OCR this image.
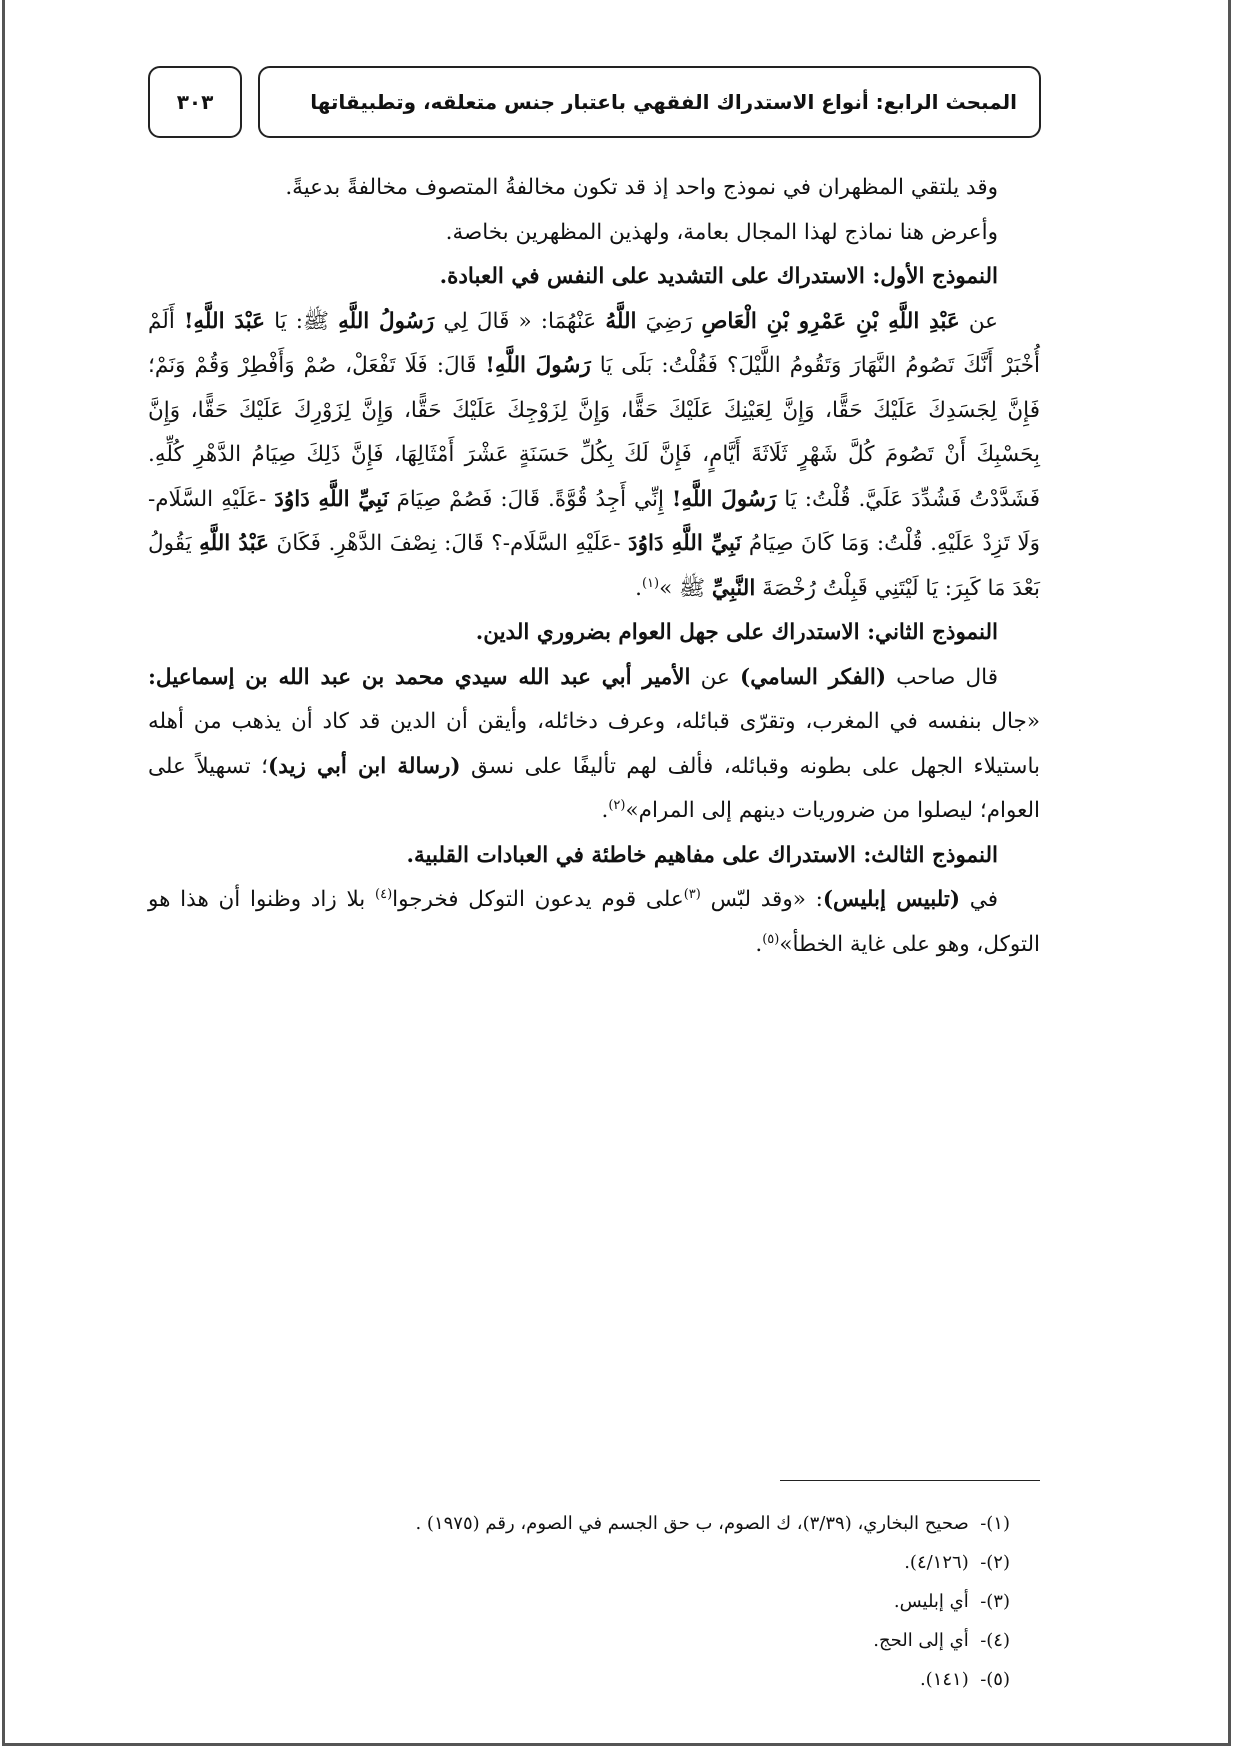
المبحث الرابع: أنواع الاستدراك الفقهي باعتبار جنس متعلقه، وتطبيقاتها
٣٠٣

وقد يلتقي المظهران في نموذج واحد إذ قد تكون مخالفةُ المتصوف مخالفةً بدعيةً.

وأعرض هنا نماذج لهذا المجال بعامة، ولهذين المظهرين بخاصة.

النموذج الأول: الاستدراك على التشديد على النفس في العبادة.

عن عَبْدِ اللَّهِ بْنِ عَمْرِو بْنِ الْعَاصِ رَضِيَ اللَّهُ عَنْهُمَا: « قَالَ لِي رَسُولُ اللَّهِ ﷺ: يَا عَبْدَ اللَّهِ! أَلَمْ أُخْبَرْ أَنَّكَ تَصُومُ النَّهَارَ وَتَقُومُ اللَّيْلَ؟ فَقُلْتُ: بَلَى يَا رَسُولَ اللَّهِ! قَالَ: فَلَا تَفْعَلْ، صُمْ وَأَفْطِرْ وَقُمْ وَنَمْ؛ فَإِنَّ لِجَسَدِكَ عَلَيْكَ حَقًّا، وَإِنَّ لِعَيْنِكَ عَلَيْكَ حَقًّا، وَإِنَّ لِزَوْجِكَ عَلَيْكَ حَقًّا، وَإِنَّ لِزَوْرِكَ عَلَيْكَ حَقًّا، وَإِنَّ بِحَسْبِكَ أَنْ تَصُومَ كُلَّ شَهْرٍ ثَلَاثَةَ أَيَّامٍ، فَإِنَّ لَكَ بِكُلِّ حَسَنَةٍ عَشْرَ أَمْثَالِهَا، فَإِنَّ ذَلِكَ صِيَامُ الدَّهْرِ كُلِّهِ. فَشَدَّدْتُ فَشُدِّدَ عَلَيَّ. قُلْتُ: يَا رَسُولَ اللَّهِ! إِنِّي أَجِدُ قُوَّةً. قَالَ: فَصُمْ صِيَامَ نَبِيِّ اللَّهِ دَاوُدَ -عَلَيْهِ السَّلَام- وَلَا تَزِدْ عَلَيْهِ. قُلْتُ: وَمَا كَانَ صِيَامُ نَبِيِّ اللَّهِ دَاوُدَ -عَلَيْهِ السَّلَام-؟ قَالَ: نِصْفَ الدَّهْرِ. فَكَانَ عَبْدُ اللَّهِ يَقُولُ بَعْدَ مَا كَبِرَ: يَا لَيْتَنِي قَبِلْتُ رُخْصَةَ النَّبِيِّ ﷺ »$^{(١)}$.

النموذج الثاني: الاستدراك على جهل العوام بضروري الدين.

قال صاحب (الفكر السامي) عن الأمير أبي عبد الله سيدي محمد بن عبد الله بن إسماعيل: «جال بنفسه في المغرب، وتقرّى قبائله، وعرف دخائله، وأيقن أن الدين قد كاد أن يذهب من أهله باستيلاء الجهل على بطونه وقبائله، فألف لهم تأليفًا على نسق (رسالة ابن أبي زيد)؛ تسهيلاً على العوام؛ ليصلوا من ضروريات دينهم إلى المرام»$^{(٢)}$.

النموذج الثالث: الاستدراك على مفاهيم خاطئة في العبادات القلبية.

في (تلبيس إبليس): «وقد لبّس $^{(٣)}$على قوم يدعون التوكل فخرجوا$^{(٤)}$ بلا زاد وظنوا أن هذا هو التوكل، وهو على غاية الخطأ»$^{(٥)}$.

(١)-  صحيح البخاري، (٣/٣٩)، ك الصوم، ب حق الجسم في الصوم، رقم (١٩٧٥) .
(٢)-  (٤/١٢٦).
(٣)-  أي إبليس.
(٤)-  أي إلى الحج.
(٥)-  (١٤١).
